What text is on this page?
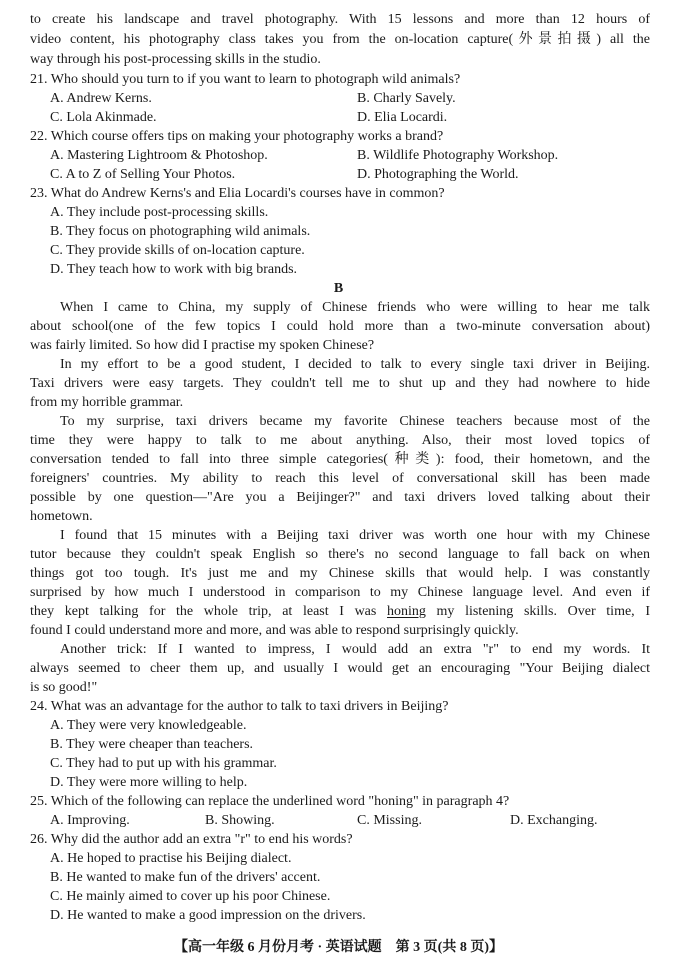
to create his landscape and travel photography. With 15 lessons and more than 12 hours of
video content, his photography class takes you from the on-location capture(外景拍摄) all the
way through his post-processing skills in the studio.
21. Who should you turn to if you want to learn to photograph wild animals?
A. Andrew Kerns.	B. Charly Savely.
C. Lola Akinmade.	D. Elia Locardi.
22. Which course offers tips on making your photography works a brand?
A. Mastering Lightroom & Photoshop.	B. Wildlife Photography Workshop.
C. A to Z of Selling Your Photos.	D. Photographing the World.
23. What do Andrew Kerns's and Elia Locardi's courses have in common?
A. They include post-processing skills.
B. They focus on photographing wild animals.
C. They provide skills of on-location capture.
D. They teach how to work with big brands.
B
When I came to China, my supply of Chinese friends who were willing to hear me talk
about school(one of the few topics I could hold more than a two-minute conversation about)
was fairly limited. So how did I practise my spoken Chinese?
In my effort to be a good student, I decided to talk to every single taxi driver in Beijing.
Taxi drivers were easy targets. They couldn't tell me to shut up and they had nowhere to hide
from my horrible grammar.
To my surprise, taxi drivers became my favorite Chinese teachers because most of the
time they were happy to talk to me about anything. Also, their most loved topics of
conversation tended to fall into three simple categories(种类): food, their hometown, and the
foreigners' countries. My ability to reach this level of conversational skill has been made
possible by one question—"Are you a Beijinger?" and taxi drivers loved talking about their
hometown.
I found that 15 minutes with a Beijing taxi driver was worth one hour with my Chinese
tutor because they couldn't speak English so there's no second language to fall back on when
things got too tough. It's just me and my Chinese skills that would help. I was constantly
surprised by how much I understood in comparison to my Chinese language level. And even if
they kept talking for the whole trip, at least I was honing my listening skills. Over time, I
found I could understand more and more, and was able to respond surprisingly quickly.
Another trick: If I wanted to impress, I would add an extra "r" to end my words. It
always seemed to cheer them up, and usually I would get an encouraging "Your Beijing dialect
is so good!"
24. What was an advantage for the author to talk to taxi drivers in Beijing?
A. They were very knowledgeable.
B. They were cheaper than teachers.
C. They had to put up with his grammar.
D. They were more willing to help.
25. Which of the following can replace the underlined word "honing" in paragraph 4?
A. Improving.	B. Showing.	C. Missing.	D. Exchanging.
26. Why did the author add an extra "r" to end his words?
A. He hoped to practise his Beijing dialect.
B. He wanted to make fun of the drivers' accent.
C. He mainly aimed to cover up his poor Chinese.
D. He wanted to make a good impression on the drivers.
【高一年级 6 月份月考 · 英语试题　第 3 页(共 8 页)】
